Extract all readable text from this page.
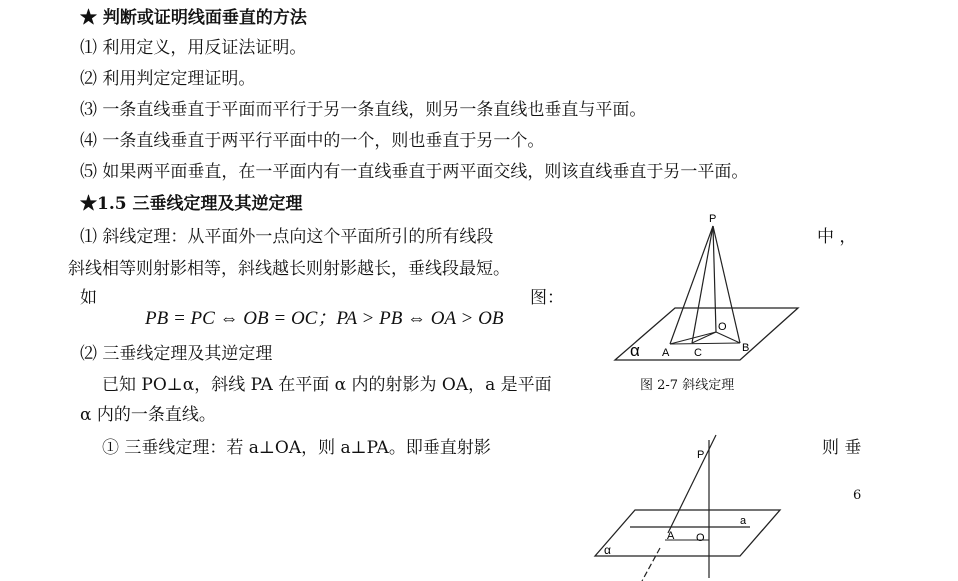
★ 判断或证明线面垂直的方法
⑴ 利用定义，用反证法证明。
⑵ 利用判定定理证明。
⑶ 一条直线垂直于平面而平行于另一条直线，则另一条直线也垂直与平面。
⑷ 一条直线垂直于两平行平面中的一个，则也垂直于另一个。
⑸ 如果两平面垂直，在一平面内有一直线垂直于两平面交线，则该直线垂直于另一平面。
★1.5 三垂线定理及其逆定理
⑴ 斜线定理：从平面外一点向这个平面所引的所有线段	中 ，
斜线相等则射影相等，斜线越长则射影越长，垂线段最短。
如	图：
PB = PC ⇔ OB = OC；PA > PB ⇔ OA > OB
⑵ 三垂线定理及其逆定理
已知 PO⊥α，斜线 PA 在平面 α 内的射影为 OA，a 是平面
α 内的一条直线。
① 三垂线定理：若 a⊥OA，则 a⊥PA。即垂直射影	则 垂
P
O
A C	B
α
图 2-7 斜线定理
P
A O
a
α
6
